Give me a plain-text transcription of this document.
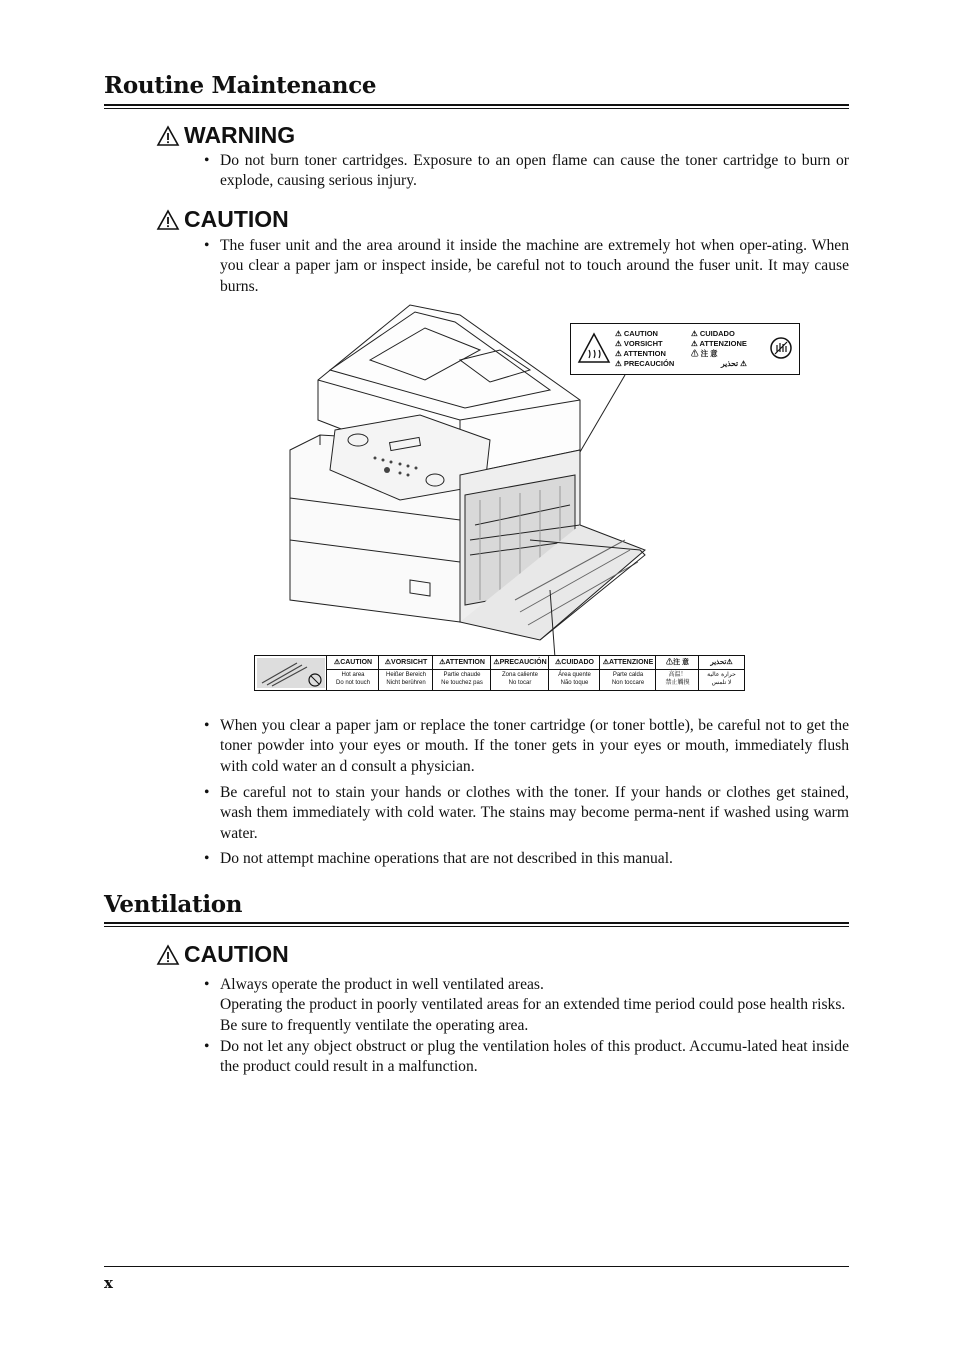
Routine Maintenance
WARNING
• Do not burn toner cartridges. Exposure to an open flame can cause the toner cartridge to burn or explode, causing serious injury.
CAUTION
• The fuser unit and the area around it inside the machine are extremely hot when oper-ating. When you clear a paper jam or inspect inside, be careful not to touch around the fuser unit. It may cause burns.
⚠ CAUTION
⚠ VORSICHT
⚠ ATTENTION
⚠ PRECAUCIÓN
⚠ CUIDADO
⚠ ATTENZIONE
⚠ 注 意
تحذير ⚠
⚠CAUTION
Hot area
Do not touch
⚠VORSICHT
Heißer Bereich
Nicht berühren
⚠ATTENTION
Partie chaude
Ne touchez pas
⚠PRECAUCIÓN
Zona caliente
No tocar
⚠CUIDADO
Área quente
Não toque
⚠ATTENZIONE
Parte calda
Non toccare
⚠注 意
高温！
禁止觸摸
تحذير⚠
حرارة عالية
لا تلمس
• When you clear a paper jam or replace the toner cartridge (or toner bottle), be careful not to get the toner powder into your eyes or mouth. If the toner gets in your eyes or mouth, immediately flush with cold water an d consult a physician.
• Be careful not to stain your hands or clothes with the toner. If your hands or clothes get stained, wash them immediately with cold water. The stains may become perma-nent if washed using warm water.
• Do not attempt machine operations that are not described in this manual.
Ventilation
CAUTION
• Always operate the product in well ventilated areas.
Operating the product in poorly ventilated areas for an extended time period could pose health risks. Be sure to frequently ventilate the operating area.
• Do not let any object obstruct or plug the ventilation holes of this product. Accumu-lated heat inside the product could result in a malfunction.
x
